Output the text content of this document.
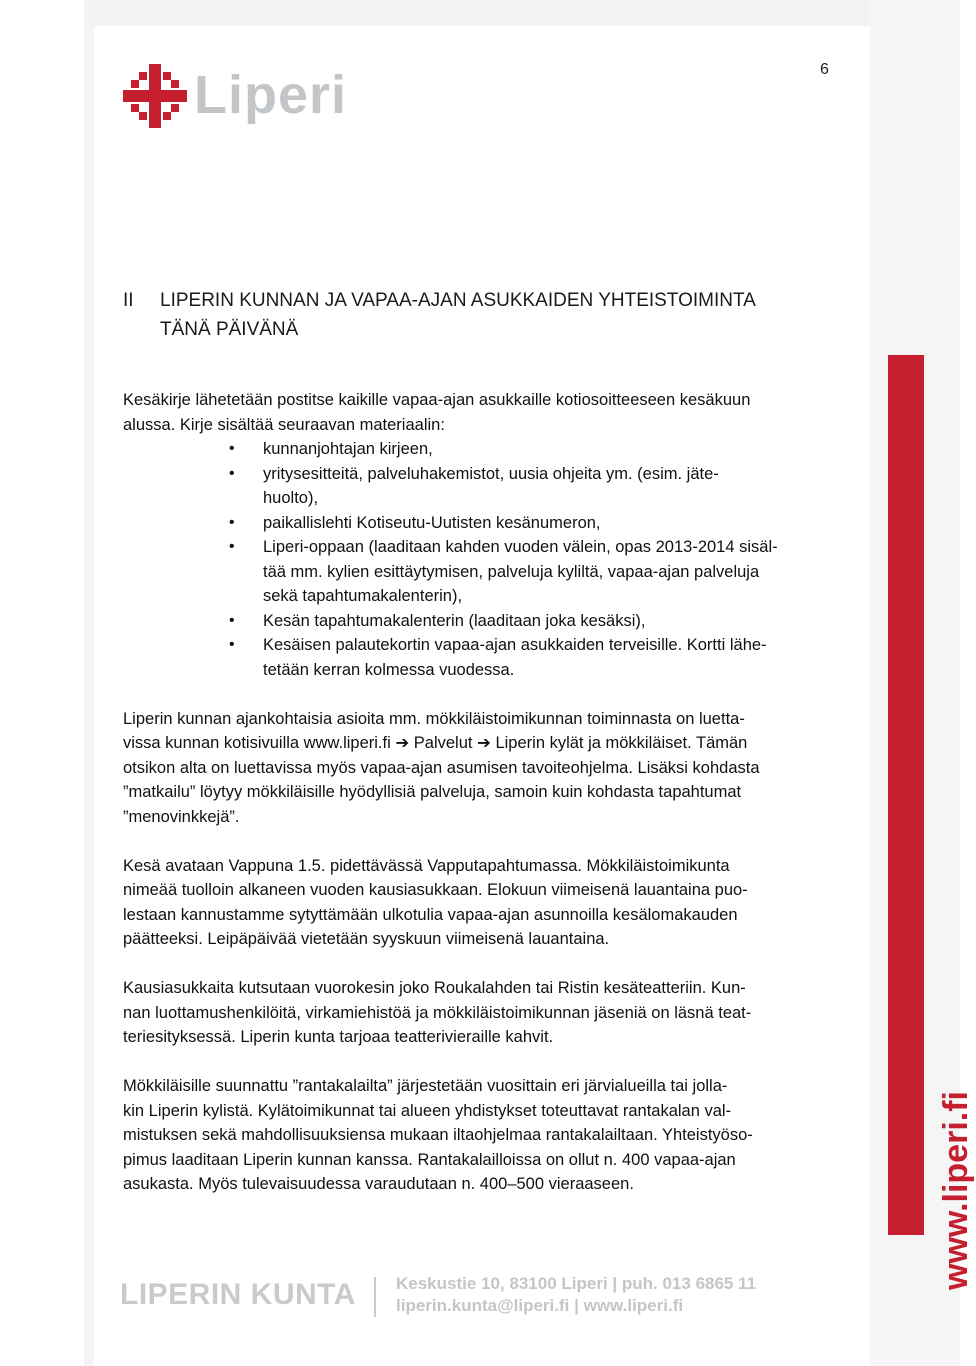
6
Liperi
II LIPERIN KUNNAN JA VAPAA-AJAN ASUKKAIDEN YHTEISTOIMINTA
TÄNÄ PÄIVÄNÄ

Kesäkirje lähetetään postitse kaikille vapaa-ajan asukkaille kotiosoitteeseen kesäkuun
alussa. Kirje sisältää seuraavan materiaalin:

• kunnanjohtajan kirjeen,
• yritysesitteitä, palveluhakemistot, uusia ohjeita ym. (esim. jäte-
huolto),
• paikallislehti Kotiseutu-Uutisten kesänumeron,
• Liperi-oppaan (laaditaan kahden vuoden välein, opas 2013-2014 sisäl-
tää mm. kylien esittäytymisen, palveluja kyliltä, vapaa-ajan palveluja
sekä tapahtumakalenterin),
• Kesän tapahtumakalenterin (laaditaan joka kesäksi),
• Kesäisen palautekortin vapaa-ajan asukkaiden terveisille. Kortti lähe-
tetään kerran kolmessa vuodessa.

Liperin kunnan ajankohtaisia asioita mm. mökkiläistoimikunnan toiminnasta on luetta-
vissa kunnan kotisivuilla www.liperi.fi ➔ Palvelut ➔ Liperin kylät ja mökkiläiset. Tämän
otsikon alta on luettavissa myös vapaa-ajan asumisen tavoiteohjelma. Lisäksi kohdasta
”matkailu” löytyy mökkiläisille hyödyllisiä palveluja, samoin kuin kohdasta tapahtumat
”menovinkkejä”.

Kesä avataan Vappuna 1.5. pidettävässä Vapputapahtumassa. Mökkiläistoimikunta
nimeää tuolloin alkaneen vuoden kausiasukkaan. Elokuun viimeisenä lauantaina puo-
lestaan kannustamme sytyttämään ulkotulia vapaa-ajan asunnoilla kesälomakauden
päätteeksi. Leipäpäivää vietetään syyskuun viimeisenä lauantaina.

Kausiasukkaita kutsutaan vuorokesin joko Roukalahden tai Ristin kesäteatteriin. Kun-
nan luottamushenkilöitä, virkamiehistöä ja mökkiläistoimikunnan jäseniä on läsnä teat-
teriesityksessä. Liperin kunta tarjoaa teatterivieraille kahvit.

Mökkiläisille suunnattu ”rantakalailta” järjestetään vuosittain eri järvialueilla tai jolla-
kin Liperin kylistä. Kylätoimikunnat tai alueen yhdistykset toteuttavat rantakalan val-
mistuksen sekä mahdollisuuksiensa mukaan iltaohjelmaa rantakalailtaan. Yhteistyöso-
pimus laaditaan Liperin kunnan kanssa. Rantakalailloissa on ollut n. 400 vapaa-ajan
asukasta. Myös tulevaisuudessa varaudutaan n. 400–500 vieraaseen.

LIPERIN KUNTA Keskustie 10, 83100 Liperi | puh. 013 6865 11
liperin.kunta@liperi.fi | www.liperi.fi
www.liperi.fi
